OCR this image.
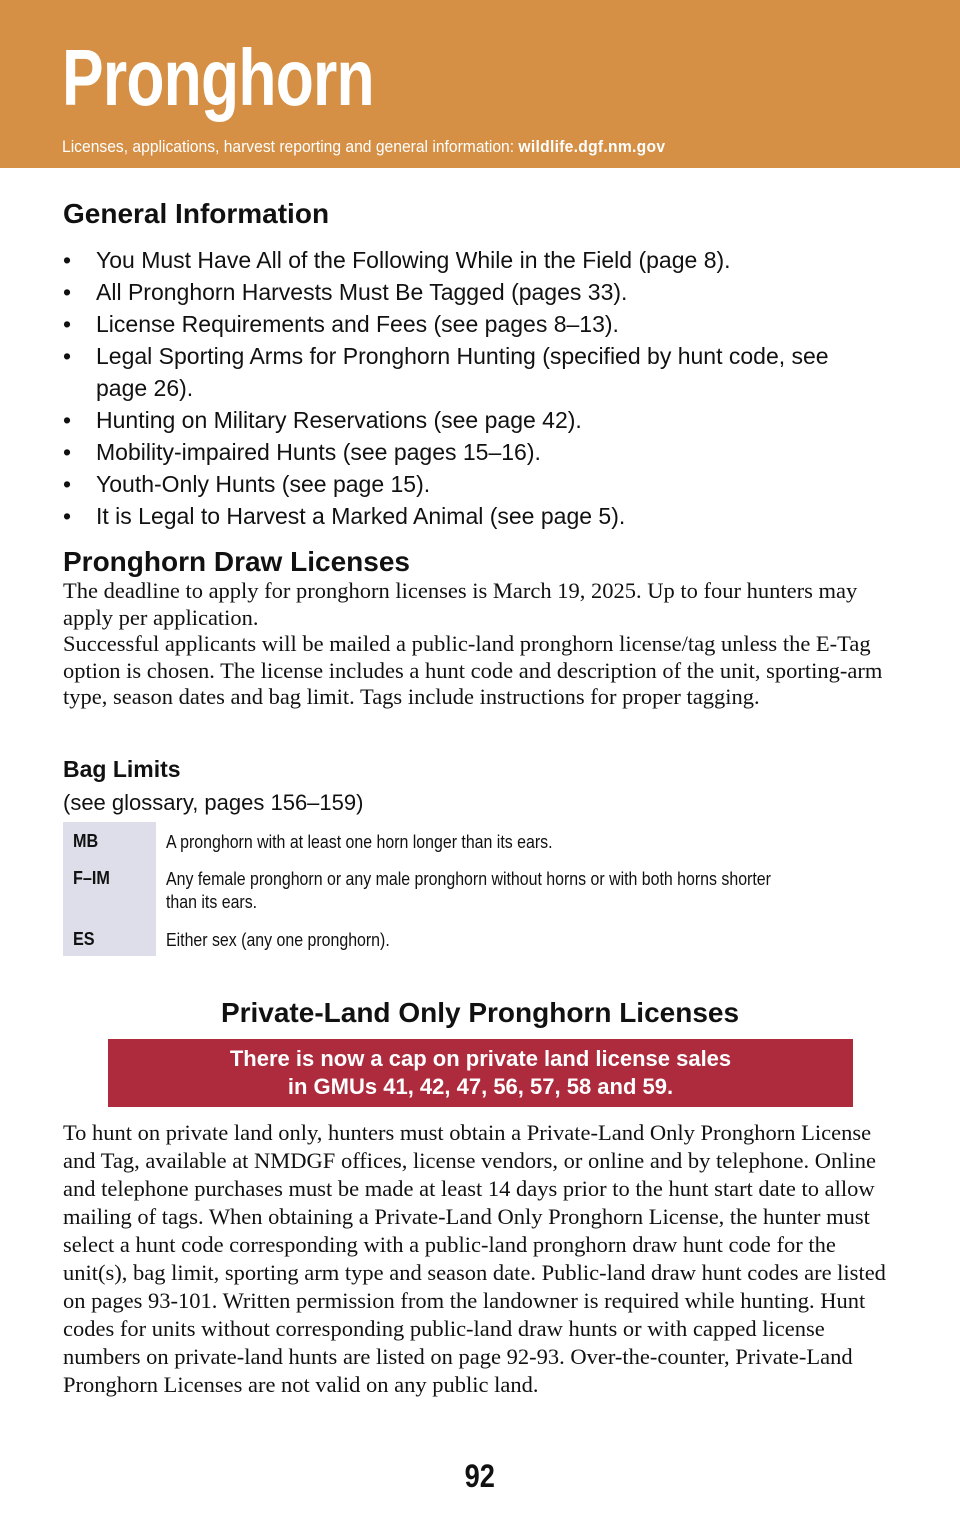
Pronghorn
Licenses, applications, harvest reporting and general information: wildlife.dgf.nm.gov
General Information
• You Must Have All of the Following While in the Field (page 8).
• All Pronghorn Harvests Must Be Tagged (pages 33).
• License Requirements and Fees (see pages 8–13).
• Legal Sporting Arms for Pronghorn Hunting (specified by hunt code, see page 26).
• Hunting on Military Reservations (see page 42).
• Mobility-impaired Hunts (see pages 15–16).
• Youth-Only Hunts (see page 15).
• It is Legal to Harvest a Marked Animal (see page 5).
Pronghorn Draw Licenses
The deadline to apply for pronghorn licenses is March 19, 2025. Up to four hunters may apply per application.
Successful applicants will be mailed a public-land pronghorn license/tag unless the E-Tag option is chosen. The license includes a hunt code and description of the unit, sporting-arm type, season dates and bag limit. Tags include instructions for proper tagging.
Bag Limits
(see glossary, pages 156–159)
MB	A pronghorn with at least one horn longer than its ears.
F–IM	Any female pronghorn or any male pronghorn without horns or with both horns shorter than its ears.
ES	Either sex (any one pronghorn).
Private-Land Only Pronghorn Licenses
There is now a cap on private land license sales
in GMUs 41, 42, 47, 56, 57, 58 and 59.
To hunt on private land only, hunters must obtain a Private-Land Only Pronghorn License and Tag, available at NMDGF offices, license vendors, or online and by telephone. Online and telephone purchases must be made at least 14 days prior to the hunt start date to allow mailing of tags. When obtaining a Private-Land Only Pronghorn License, the hunter must select a hunt code corresponding with a public-land pronghorn draw hunt code for the unit(s), bag limit, sporting arm type and season date. Public-land draw hunt codes are listed on pages 93-101. Written permission from the landowner is required while hunting. Hunt codes for units without corresponding public-land draw hunts or with capped license numbers on private-land hunts are listed on page 92-93. Over-the-counter, Private-Land Pronghorn Licenses are not valid on any public land.
92
